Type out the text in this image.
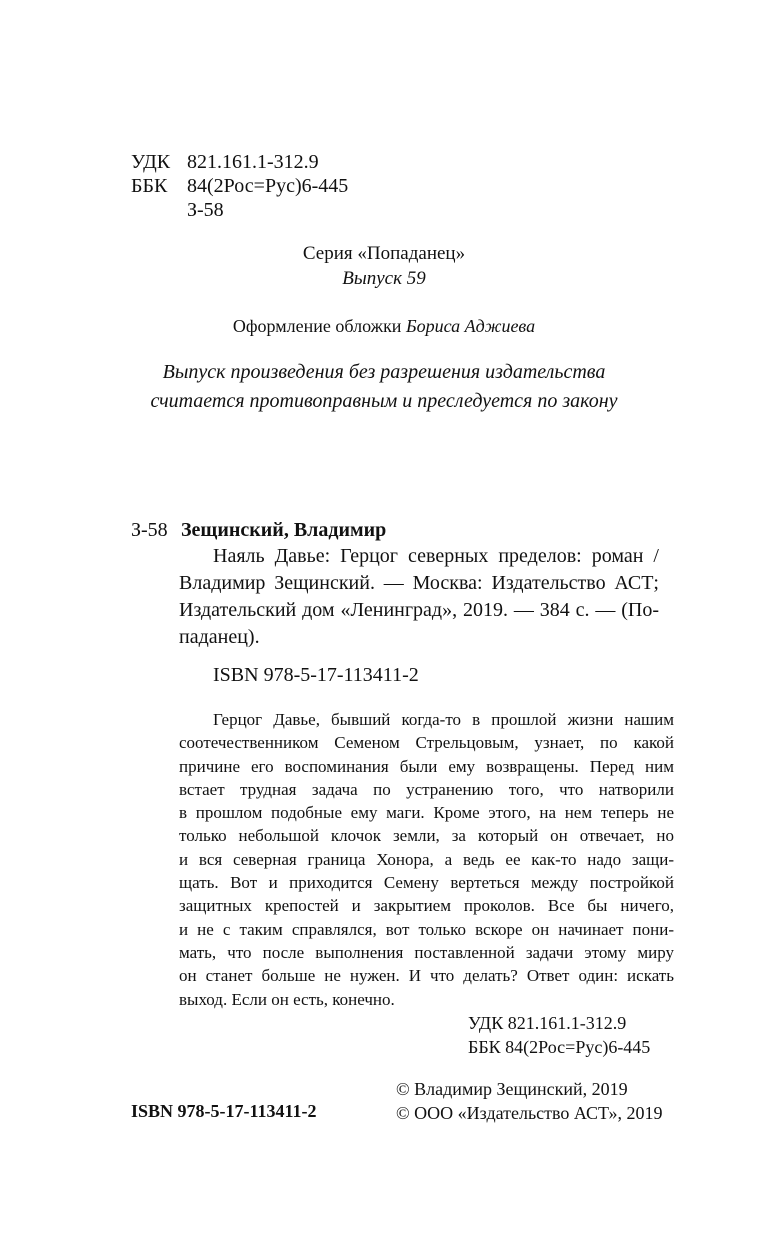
УДК 821.161.1-312.9
ББК 84(2Рос=Рус)6-445
З-58
Серия «Попаданец»
Выпуск 59
Оформление обложки Бориса Аджиева
Выпуск произведения без разрешения издательства
считается противоправным и преследуется по закону
З-58 Зещинский, Владимир
Наяль Давье: Герцог северных пределов: роман /
Владимир Зещинский. — Москва: Издательство АСТ;
Издательский дом «Ленинград», 2019. — 384 с. — (По-
паданец).
ISBN 978-5-17-113411-2
Герцог Давье, бывший когда-то в прошлой жизни нашим
соотечественником Семеном Стрельцовым, узнает, по какой
причине его воспоминания были ему возвращены. Перед ним
встает трудная задача по устранению того, что натворили
в прошлом подобные ему маги. Кроме этого, на нем теперь не
только небольшой клочок земли, за который он отвечает, но
и вся северная граница Хонора, а ведь ее как-то надо защи-
щать. Вот и приходится Семену вертеться между постройкой
защитных крепостей и закрытием проколов. Все бы ничего,
и не с таким справлялся, вот только вскоре он начинает пони-
мать, что после выполнения поставленной задачи этому миру
он станет больше не нужен. И что делать? Ответ один: искать
выход. Если он есть, конечно.
УДК 821.161.1-312.9
ББК 84(2Рос=Рус)6-445
© Владимир Зещинский, 2019
ISBN 978-5-17-113411-2	© ООО «Издательство АСТ», 2019
